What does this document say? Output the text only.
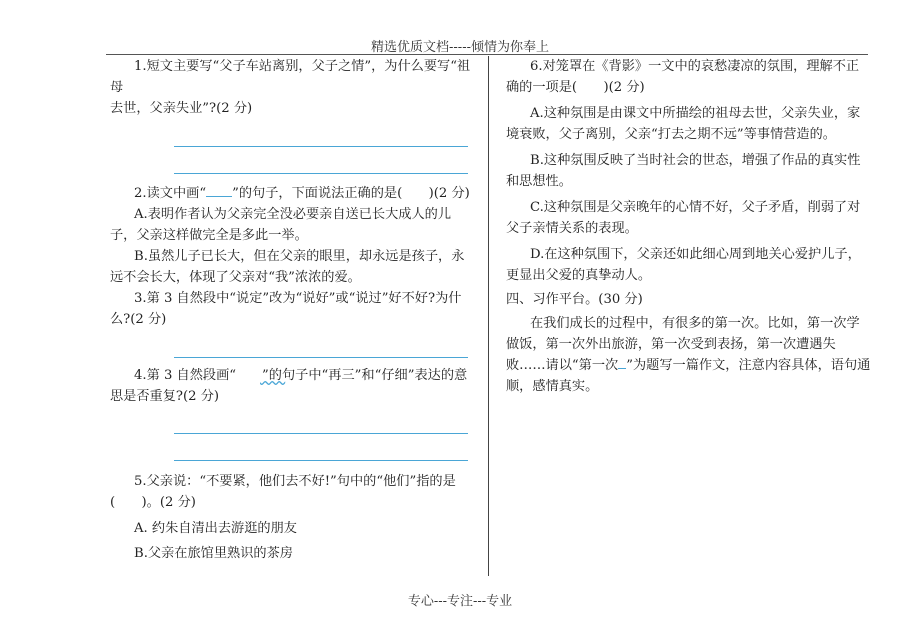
精选优质文档-----倾情为你奉上

1.短文主要写“父子车站离别，父子之情”，为什么要写“祖母

去世，父亲失业”?(2 分)

2.读文中画“ ”的句子，下面说法正确的是(　　)(2 分)

A.表明作者认为父亲完全没必要亲自送已长大成人的儿子，父亲这样做完全是多此一举。

B.虽然儿子已长大，但在父亲的眼里，却永远是孩子，永远不会长大，体现了父亲对“我”浓浓的爱。

3.第 3 自然段中“说定”改为“说好”或“说过”好不好?为什么?(2 分)

4.第 3 自然段画“ ”的句子中“再三”和“仔细”表达的意思是否重复?(2 分)

5.父亲说：“不要紧，他们去不好!”句中的“他们”指的是(　　)。(2 分)

A. 约朱自清出去游逛的朋友

B.父亲在旅馆里熟识的茶房

6.对笼罩在《背影》一文中的哀愁凄凉的氛围，理解不正确的一项是(　　)(2 分)

A.这种氛围是由课文中所描绘的祖母去世，父亲失业，家境衰败，父子离别，父亲“打去之期不远”等事情营造的。

B.这种氛围反映了当时社会的世态，增强了作品的真实性和思想性。

C.这种氛围是父亲晚年的心情不好，父子矛盾，削弱了对父子亲情关系的表现。

D.在这种氛围下，父亲还如此细心周到地关心爱护儿子，更显出父爱的真挚动人。

四、习作平台。(30 分)

在我们成长的过程中，有很多的第一次。比如，第一次学做饭，第一次外出旅游，第一次受到表扬，第一次遭遇失败……请以“第一次 ”为题写一篇作文，注意内容具体，语句通顺，感情真实。

专心---专注---专业
